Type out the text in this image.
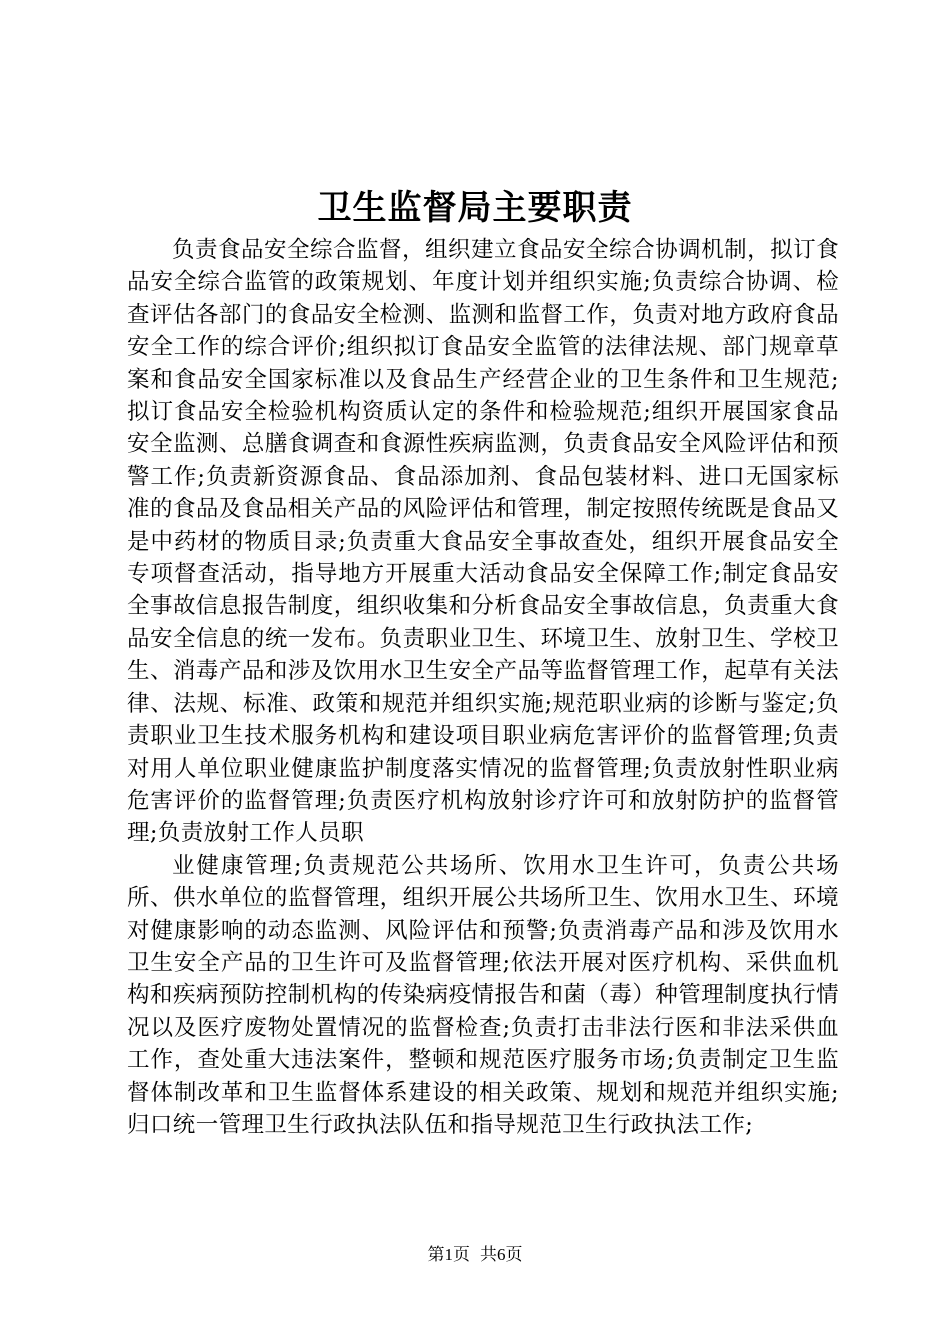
卫生监督局主要职责

负责食品安全综合监督，组织建立食品安全综合协调机制，拟订食品安全综合监管的政策规划、年度计划并组织实施;负责综合协调、检查评估各部门的食品安全检测、监测和监督工作，负责对地方政府食品安全工作的综合评价;组织拟订食品安全监管的法律法规、部门规章草案和食品安全国家标准以及食品生产经营企业的卫生条件和卫生规范;拟订食品安全检验机构资质认定的条件和检验规范;组织开展国家食品安全监测、总膳食调查和食源性疾病监测，负责食品安全风险评估和预警工作;负责新资源食品、食品添加剂、食品包装材料、进口无国家标准的食品及食品相关产品的风险评估和管理，制定按照传统既是食品又是中药材的物质目录;负责重大食品安全事故查处，组织开展食品安全专项督查活动，指导地方开展重大活动食品安全保障工作;制定食品安全事故信息报告制度，组织收集和分析食品安全事故信息，负责重大食品安全信息的统一发布。负责职业卫生、环境卫生、放射卫生、学校卫生、消毒产品和涉及饮用水卫生安全产品等监督管理工作，起草有关法律、法规、标准、政策和规范并组织实施;规范职业病的诊断与鉴定;负责职业卫生技术服务机构和建设项目职业病危害评价的监督管理;负责对用人单位职业健康监护制度落实情况的监督管理;负责放射性职业病危害评价的监督管理;负责医疗机构放射诊疗许可和放射防护的监督管理;负责放射工作人员职

业健康管理;负责规范公共场所、饮用水卫生许可，负责公共场所、供水单位的监督管理，组织开展公共场所卫生、饮用水卫生、环境对健康影响的动态监测、风险评估和预警;负责消毒产品和涉及饮用水卫生安全产品的卫生许可及监督管理;依法开展对医疗机构、采供血机构和疾病预防控制机构的传染病疫情报告和菌（毒）种管理制度执行情况以及医疗废物处置情况的监督检查;负责打击非法行医和非法采供血工作，查处重大违法案件，整顿和规范医疗服务市场;负责制定卫生监督体制改革和卫生监督体系建设的相关政策、规划和规范并组织实施;归口统一管理卫生行政执法队伍和指导规范卫生行政执法工作;

第1页 共6页
